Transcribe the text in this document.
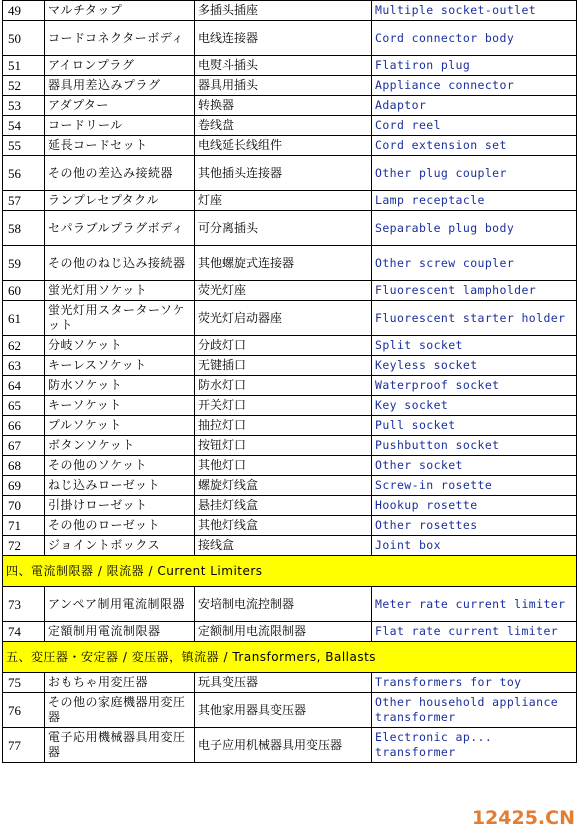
49	マルチタップ	多插头插座	Multiple socket-outlet
50	コードコネクターボディ	电线连接器	Cord connector body
51	アイロンプラグ	电熨斗插头	Flatiron plug
52	器具用差込みプラグ	器具用插头	Appliance connector
53	アダプター	转换器	Adaptor
54	コードリール	卷线盘	Cord reel
55	延長コードセット	电线延长线组件	Cord extension set
56	その他の差込み接続器	其他插头连接器	Other plug coupler
57	ランプレセプタクル	灯座	Lamp receptacle
58	セパラブルプラグボディ	可分离插头	Separable plug body
59	その他のねじ込み接続器	其他螺旋式连接器	Other screw coupler
60	蛍光灯用ソケット	荧光灯座	Fluorescent lampholder
61	蛍光灯用スターターソケット	荧光灯启动器座	Fluorescent starter holder
62	分岐ソケット	分歧灯口	Split socket
63	キーレスソケット	无键插口	Keyless socket
64	防水ソケット	防水灯口	Waterproof socket
65	キーソケット	开关灯口	Key socket
66	プルソケット	抽拉灯口	Pull socket
67	ボタンソケット	按钮灯口	Pushbutton socket
68	その他のソケット	其他灯口	Other socket
69	ねじ込みローゼット	螺旋灯线盒	Screw-in rosette
70	引掛けローゼット	悬挂灯线盒	Hookup rosette
71	その他のローゼット	其他灯线盒	Other rosettes
72	ジョイントボックス	接线盒	Joint box
四、電流制限器 / 限流器 / Current Limiters			
73	アンペア制用電流制限器	安培制电流控制器	Meter rate current limiter
74	定額制用電流制限器	定额制用电流限制器	Flat rate current limiter
五、変圧器・安定器 / 変压器，镇流器 / Transformers, Ballasts			
75	おもちゃ用変圧器	玩具变压器	Transformers for toy
76	その他の家庭機器用変圧器	其他家用器具变压器	Other household appliance transformer
77	電子応用機械器具用変圧器	电子应用机械器具用变压器	Electronic ap... transformer
12425.CN
